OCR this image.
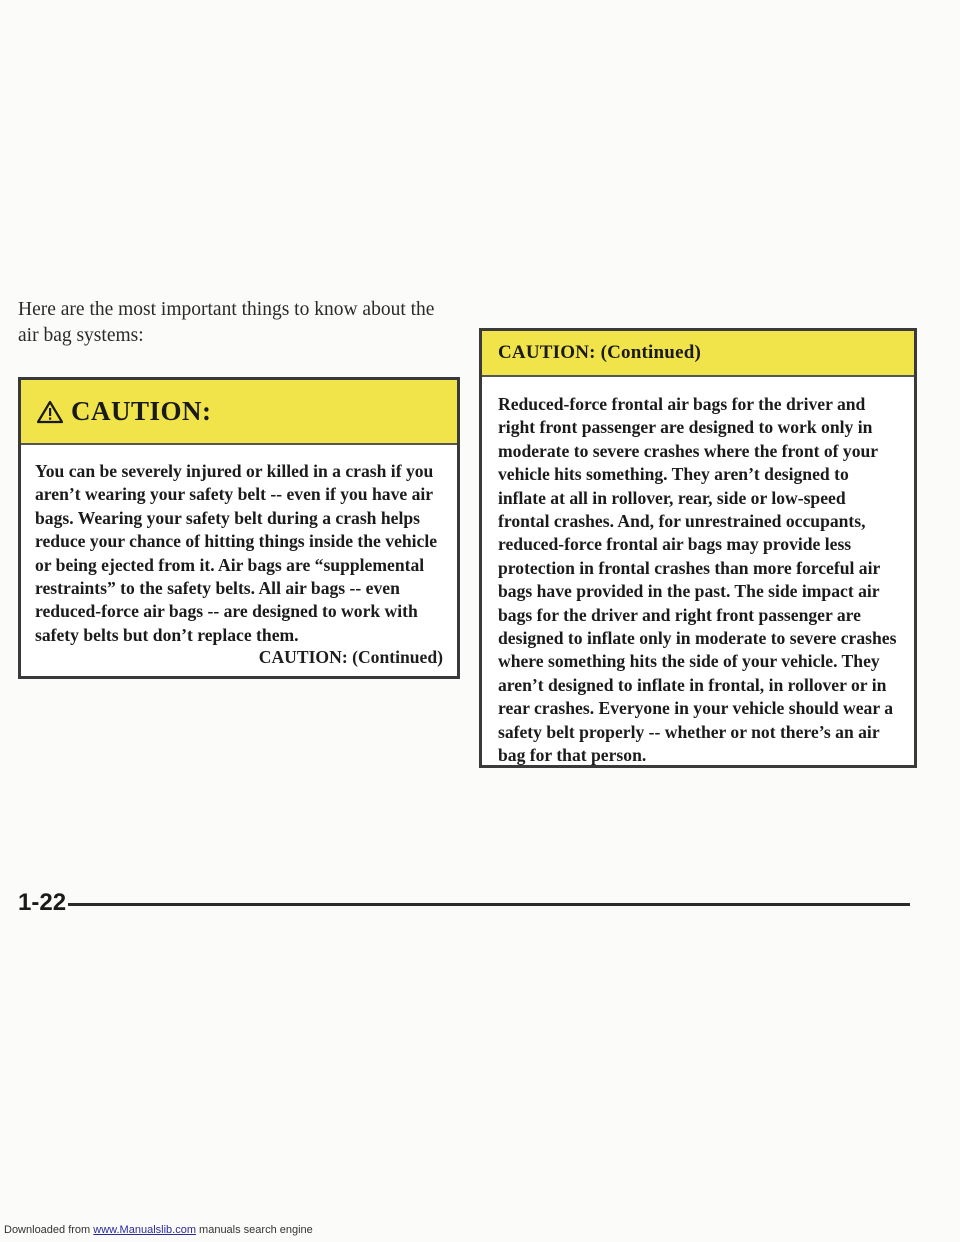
Here are the most important things to know about the air bag systems:
CAUTION:
You can be severely injured or killed in a crash if you aren’t wearing your safety belt -- even if you have air bags. Wearing your safety belt during a crash helps reduce your chance of hitting things inside the vehicle or being ejected from it. Air bags are “supplemental restraints” to the safety belts. All air bags -- even reduced-force air bags -- are designed to work with safety belts but don’t replace them.
CAUTION: (Continued)
CAUTION: (Continued)
Reduced-force frontal air bags for the driver and right front passenger are designed to work only in moderate to severe crashes where the front of your vehicle hits something. They aren’t designed to inflate at all in rollover, rear, side or low-speed frontal crashes. And, for unrestrained occupants, reduced-force frontal air bags may provide less protection in frontal crashes than more forceful air bags have provided in the past. The side impact air bags for the driver and right front passenger are designed to inflate only in moderate to severe crashes where something hits the side of your vehicle. They aren’t designed to inflate in frontal, in rollover or in rear crashes. Everyone in your vehicle should wear a safety belt properly -- whether or not there’s an air bag for that person.
1-22
Downloaded from www.Manualslib.com manuals search engine
